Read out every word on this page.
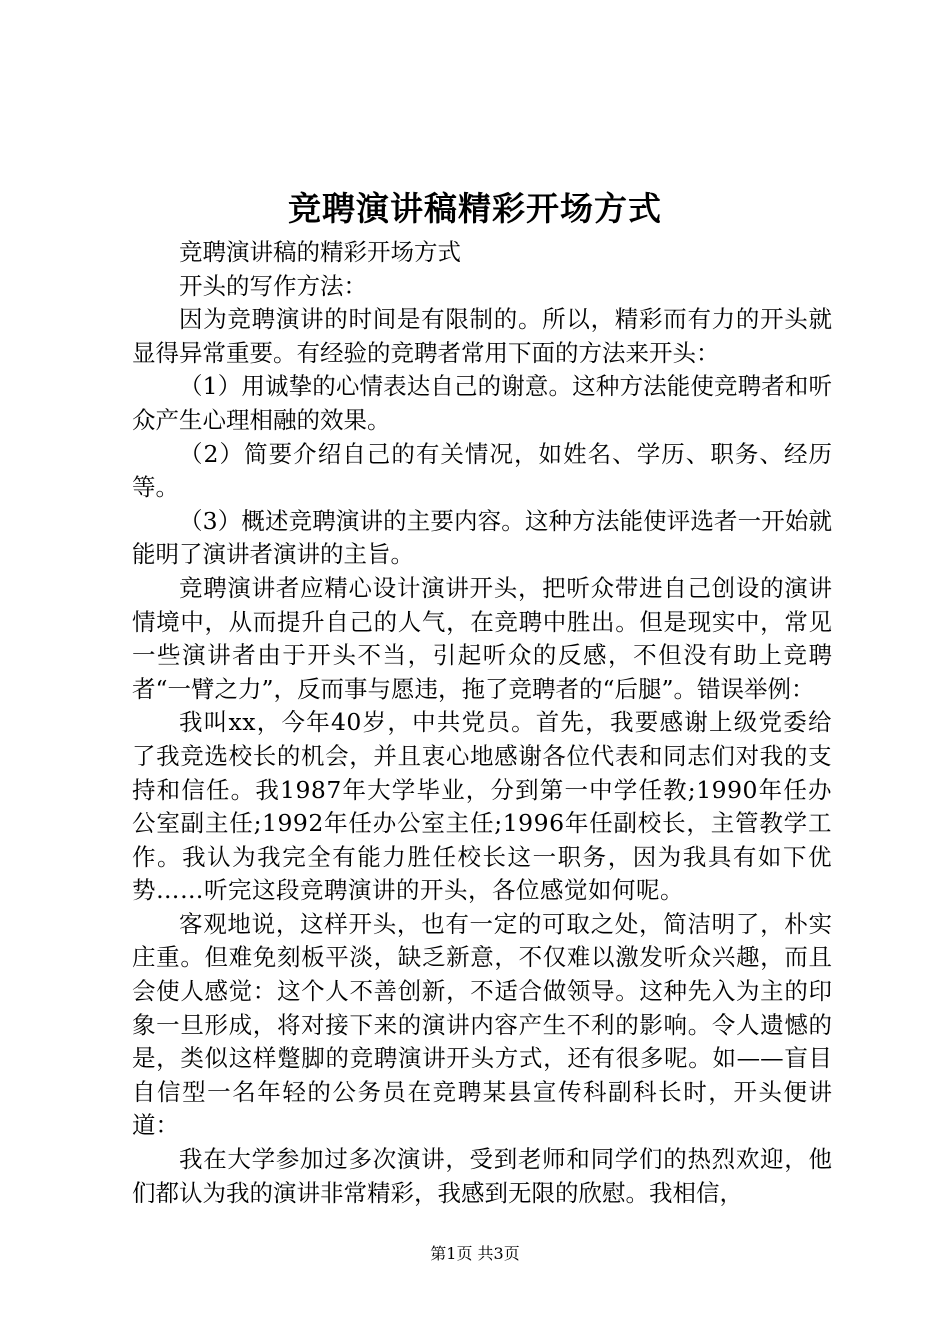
竞聘演讲稿精彩开场方式

竞聘演讲稿的精彩开场方式

开头的写作方法：

因为竞聘演讲的时间是有限制的。所以，精彩而有力的开头就显得异常重要。有经验的竞聘者常用下面的方法来开头：

（1）用诚挚的心情表达自己的谢意。这种方法能使竞聘者和听众产生心理相融的效果。

（2）简要介绍自己的有关情况，如姓名、学历、职务、经历等。

（3）概述竞聘演讲的主要内容。这种方法能使评选者一开始就能明了演讲者演讲的主旨。

竞聘演讲者应精心设计演讲开头，把听众带进自己创设的演讲情境中，从而提升自己的人气，在竞聘中胜出。但是现实中，常见一些演讲者由于开头不当，引起听众的反感，不但没有助上竞聘者“一臂之力”，反而事与愿违，拖了竞聘者的“后腿”。错误举例：

我叫xx，今年40岁，中共党员。首先，我要感谢上级党委给了我竞选校长的机会，并且衷心地感谢各位代表和同志们对我的支持和信任。我1987年大学毕业，分到第一中学任教;1990年任办公室副主任;1992年任办公室主任;1996年任副校长，主管教学工作。我认为我完全有能力胜任校长这一职务，因为我具有如下优势……听完这段竞聘演讲的开头，各位感觉如何呢。

客观地说，这样开头，也有一定的可取之处，简洁明了，朴实庄重。但难免刻板平淡，缺乏新意，不仅难以激发听众兴趣，而且会使人感觉：这个人不善创新，不适合做领导。这种先入为主的印象一旦形成，将对接下来的演讲内容产生不利的影响。令人遗憾的是，类似这样蹩脚的竞聘演讲开头方式，还有很多呢。如——盲目自信型一名年轻的公务员在竞聘某县宣传科副科长时，开头便讲道：

我在大学参加过多次演讲，受到老师和同学们的热烈欢迎，他们都认为我的演讲非常精彩，我感到无限的欣慰。我相信，

第1页 共3页
